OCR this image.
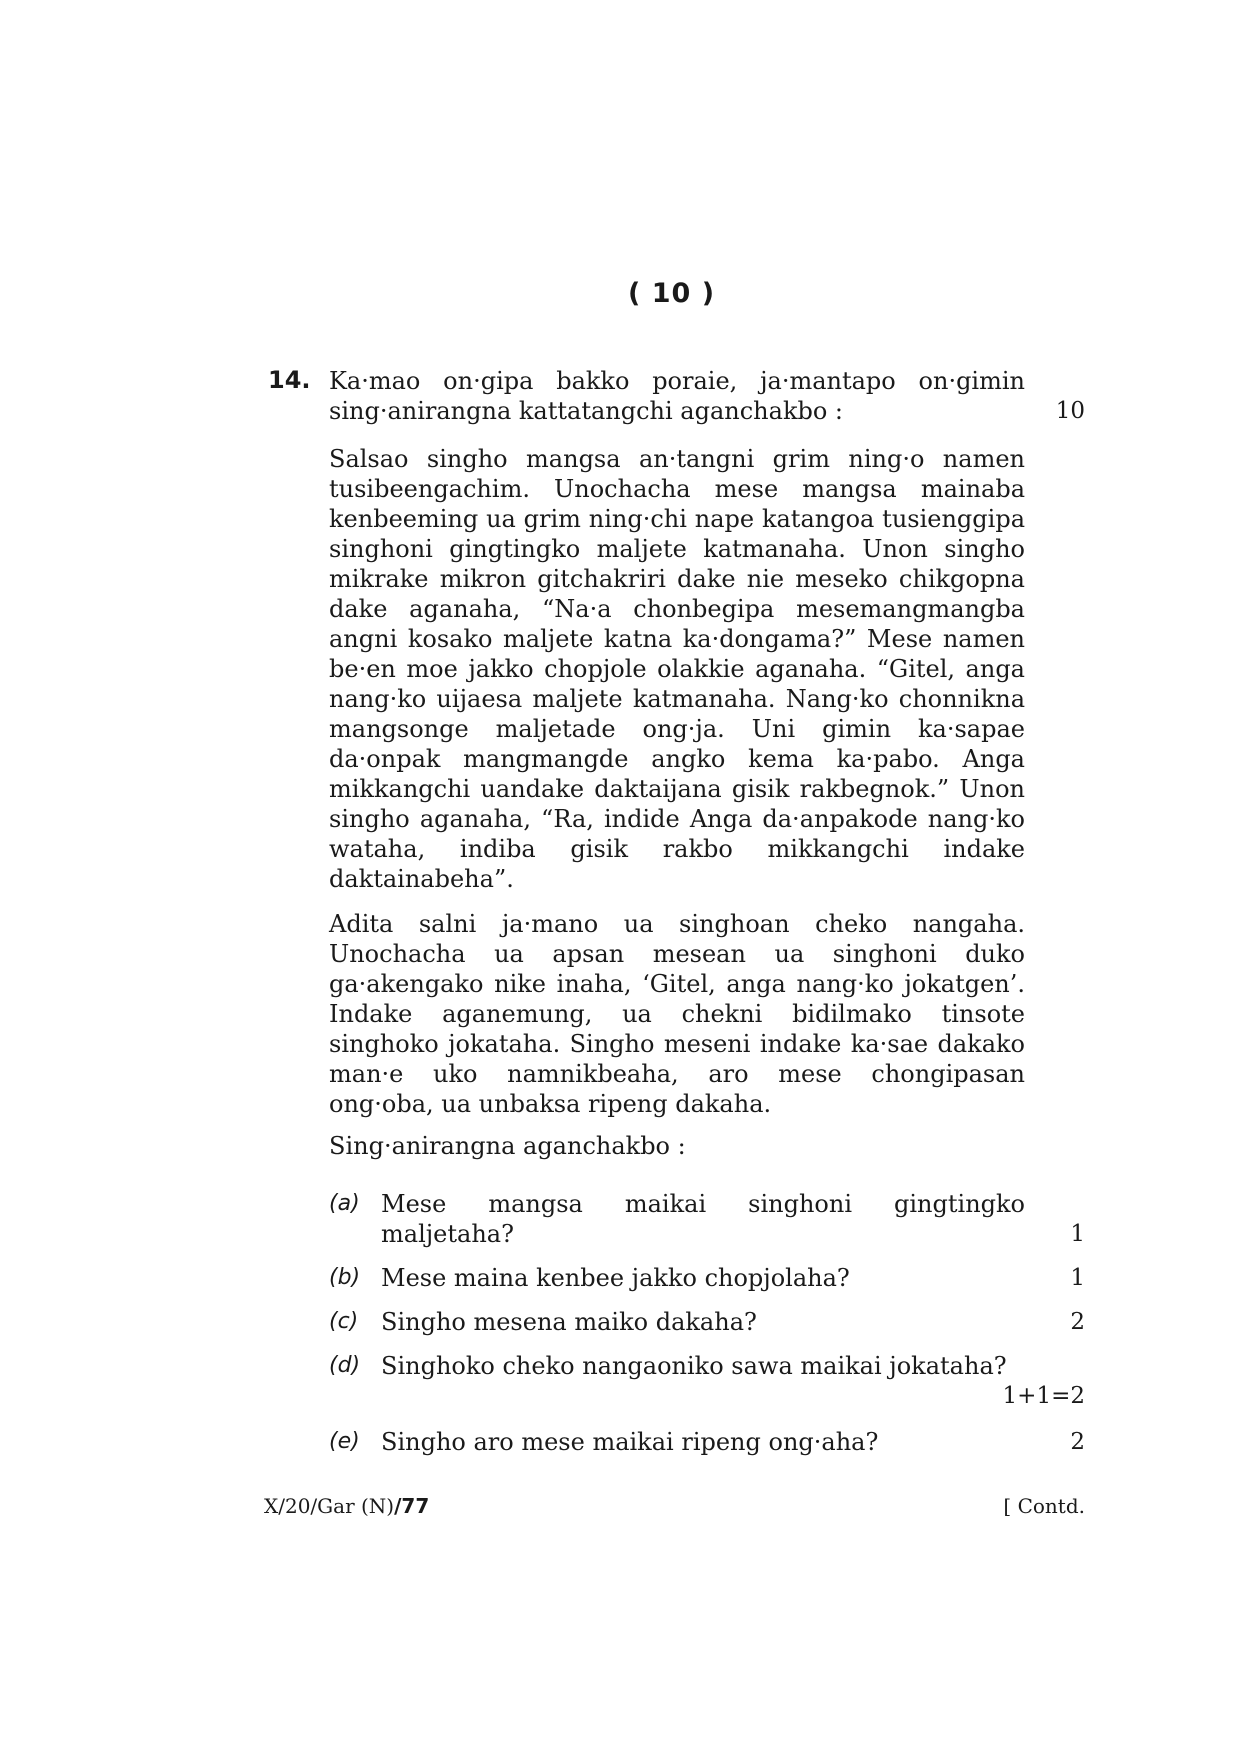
( 10 )
14. Ka·mao on·gipa bakko poraie, ja·mantapo on·gimin
sing·anirangna kattatangchi aganchakbo :	10

Salsao singho mangsa an·tangni grim ning·o namen tusibeengachim. Unochacha mese mangsa mainaba kenbeeming ua grim ning·chi nape katangoa tusienggipa singhoni gingtingko maljete katmanaha. Unon singho mikrake mikron gitchakriri dake nie meseko chikgopna dake aganaha, “Na·a chonbegipa mesemangmangba angni kosako maljete katna ka·dongama?” Mese namen be·en moe jakko chopjole olakkie aganaha. “Gitel, anga nang·ko uijaesa maljete katmanaha. Nang·ko chonnikna mangsonge maljetade ong·ja. Uni gimin ka·sapae da·onpak mangmangde angko kema ka·pabo. Anga mikkangchi uandake daktaijana gisik rakbegnok.” Unon singho aganaha, “Ra, indide Anga da·anpakode nang·ko wataha, indiba gisik rakbo mikkangchi indake daktainabeha”.

Adita salni ja·mano ua singhoan cheko nangaha. Unochacha ua apsan mesean ua singhoni duko ga·akengako nike inaha, ‘Gitel, anga nang·ko jokatgen’. Indake aganemung, ua chekni bidilmako tinsote singhoko jokataha. Singho meseni indake ka·sae dakako man·e uko namnikbeaha, aro mese chongipasan ong·oba, ua unbaksa ripeng dakaha.

Sing·anirangna aganchakbo :
(a) Mese mangsa maikai singhoni gingtingko
maljetaha?	1
(b) Mese maina kenbee jakko chopjolaha?	1
(c) Singho mesena maiko dakaha?	2
(d) Singhoko cheko nangaoniko sawa maikai jokataha?
1+1=2
(e) Singho aro mese maikai ripeng ong·aha?	2
X/20/Gar (N)/77	[ Contd.
